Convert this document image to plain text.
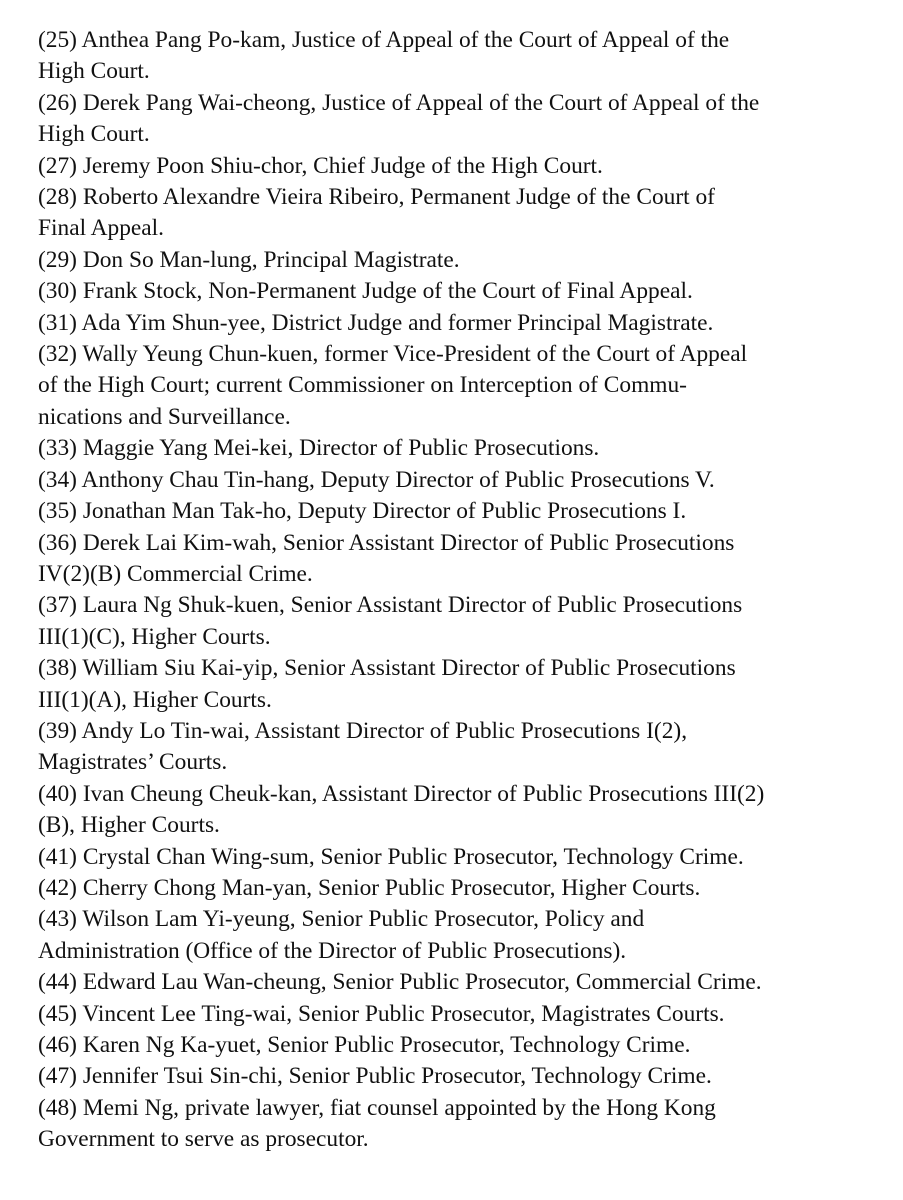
(25) Anthea Pang Po-kam, Justice of Appeal of the Court of Appeal of the
High Court.

(26) Derek Pang Wai-cheong, Justice of Appeal of the Court of Appeal of the
High Court.

(27) Jeremy Poon Shiu-chor, Chief Judge of the High Court.

(28) Roberto Alexandre Vieira Ribeiro, Permanent Judge of the Court of
Final Appeal.

(29) Don So Man-lung, Principal Magistrate.

(30) Frank Stock, Non-Permanent Judge of the Court of Final Appeal.

(31) Ada Yim Shun-yee, District Judge and former Principal Magistrate.

(32) Wally Yeung Chun-kuen, former Vice-President of the Court of Appeal
of the High Court; current Commissioner on Interception of Commu-
nications and Surveillance.

(33) Maggie Yang Mei-kei, Director of Public Prosecutions.

(34) Anthony Chau Tin-hang, Deputy Director of Public Prosecutions V.

(35) Jonathan Man Tak-ho, Deputy Director of Public Prosecutions I.

(36) Derek Lai Kim-wah, Senior Assistant Director of Public Prosecutions
IV(2)(B) Commercial Crime.

(37) Laura Ng Shuk-kuen, Senior Assistant Director of Public Prosecutions
III(1)(C), Higher Courts.

(38) William Siu Kai-yip, Senior Assistant Director of Public Prosecutions
III(1)(A), Higher Courts.

(39) Andy Lo Tin-wai, Assistant Director of Public Prosecutions I(2),
Magistrates’ Courts.

(40) Ivan Cheung Cheuk-kan, Assistant Director of Public Prosecutions III(2)
(B), Higher Courts.

(41) Crystal Chan Wing-sum, Senior Public Prosecutor, Technology Crime.

(42) Cherry Chong Man-yan, Senior Public Prosecutor, Higher Courts.

(43) Wilson Lam Yi-yeung, Senior Public Prosecutor, Policy and
Administration (Office of the Director of Public Prosecutions).

(44) Edward Lau Wan-cheung, Senior Public Prosecutor, Commercial Crime.

(45) Vincent Lee Ting-wai, Senior Public Prosecutor, Magistrates Courts.

(46) Karen Ng Ka-yuet, Senior Public Prosecutor, Technology Crime.

(47) Jennifer Tsui Sin-chi, Senior Public Prosecutor, Technology Crime.

(48) Memi Ng, private lawyer, fiat counsel appointed by the Hong Kong
Government to serve as prosecutor.
